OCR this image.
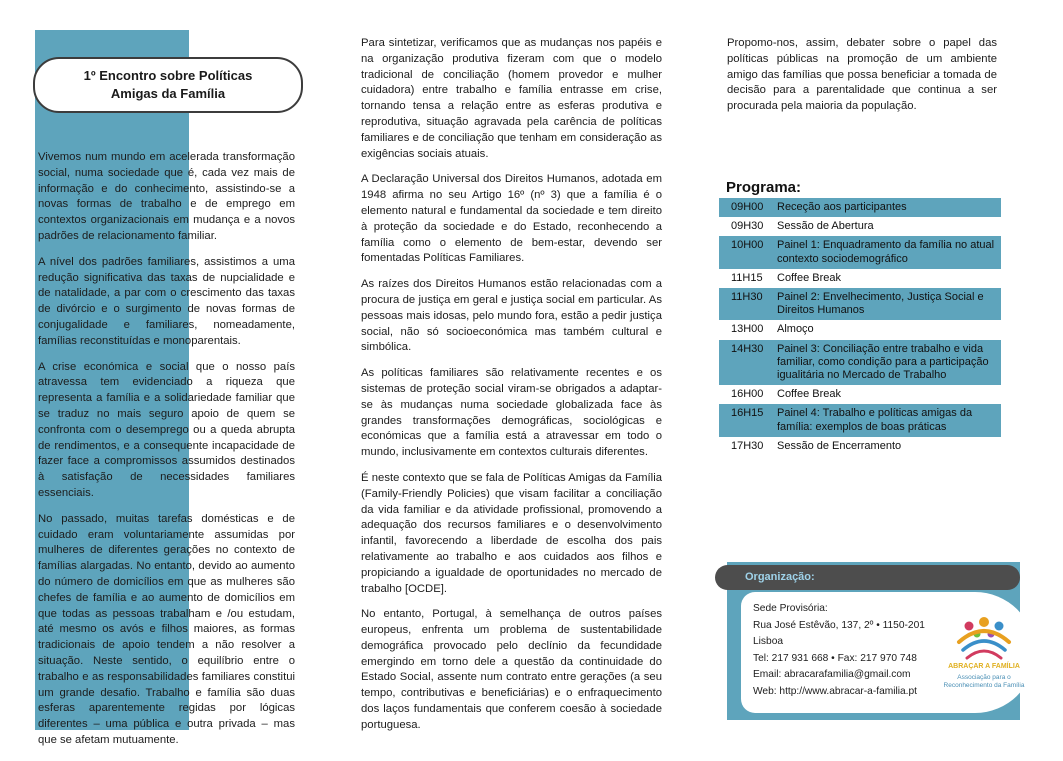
1º Encontro sobre Políticas
Amigas da Família

Vivemos num mundo em acelerada transformação social, numa sociedade que é, cada vez mais de informação e do conhecimento, assistindo-se a novas formas de trabalho e de emprego em contextos organizacionais em mudança e a novos padrões de relacionamento familiar.

A nível dos padrões familiares, assistimos a uma redução significativa das taxas de nupcialidade e de natalidade, a par com o crescimento das taxas de divórcio e o surgimento de novas formas de conjugalidade e familiares, nomeadamente, famílias reconstituídas e monoparentais.

A crise económica e social que o nosso país atravessa tem evidenciado a riqueza que representa a família e a solidariedade familiar que se traduz no mais seguro apoio de quem se confronta com o desemprego ou a queda abrupta de rendimentos, e a consequente incapacidade de fazer face a compromissos assumidos destinados à satisfação de necessidades familiares essenciais.

No passado, muitas tarefas domésticas e de cuidado eram voluntariamente assumidas por mulheres de diferentes gerações no contexto de famílias alargadas. No entanto, devido ao aumento do número de domicílios em que as mulheres são chefes de família e ao aumento de domicílios em que todas as pessoas trabalham e /ou estudam, até mesmo os avós e filhos maiores, as formas tradicionais de apoio tendem a não resolver a situação. Neste sentido, o equilíbrio entre o trabalho e as responsabilidades familiares constitui um grande desafio. Trabalho e família são duas esferas aparentemente regidas por lógicas diferentes – uma pública e outra privada – mas que se afetam mutuamente.

Para sintetizar, verificamos que as mudanças nos papéis e na organização produtiva fizeram com que o modelo tradicional de conciliação (homem provedor e mulher cuidadora) entre trabalho e família entrasse em crise, tornando tensa a relação entre as esferas produtiva e reprodutiva, situação agravada pela carência de políticas familiares e de conciliação que tenham em consideração as exigências sociais atuais.

A Declaração Universal dos Direitos Humanos, adotada em 1948 afirma no seu Artigo 16º (nº 3) que a família é o elemento natural e fundamental da sociedade e tem direito à proteção da sociedade e do Estado, reconhecendo a família como o elemento de bem-estar, devendo ser fomentadas Políticas Familiares.

As raízes dos Direitos Humanos estão relacionadas com a procura de justiça em geral e justiça social em particular. As pessoas mais idosas, pelo mundo fora, estão a pedir justiça social, não só socioeconómica mas também cultural e simbólica.

As políticas familiares são relativamente recentes e os sistemas de proteção social viram-se obrigados a adaptar-se às mudanças numa sociedade globalizada face às grandes transformações demográficas, sociológicas e económicas que a família está a atravessar em todo o mundo, inclusivamente em contextos culturais diferentes.

É neste contexto que se fala de Políticas Amigas da Família (Family-Friendly Policies) que visam facilitar a conciliação da vida familiar e da atividade profissional, promovendo a adequação dos recursos familiares e o desenvolvimento infantil, favorecendo a liberdade de escolha dos pais relativamente ao trabalho e aos cuidados aos filhos e propiciando a igualdade de oportunidades no mercado de trabalho [OCDE].

No entanto, Portugal, à semelhança de outros países europeus, enfrenta um problema de sustentabilidade demográfica provocado pelo declínio da fecundidade emergindo em torno dele a questão da continuidade do Estado Social, assente num contrato entre gerações (a seu tempo, contributivas e beneficiárias) e o enfraquecimento dos laços fundamentais que conferem coesão à sociedade portuguesa.

Propomo-nos, assim, debater sobre o papel das políticas públicas na promoção de um ambiente amigo das famílias que possa beneficiar a tomada de decisão para a parentalidade que continua a ser procurada pela maioria da população.
Programa:
09H00	Receção aos participantes
09H30	Sessão de Abertura
10H00	Painel 1: Enquadramento da família no atual contexto sociodemográfico
11H15	Coffee Break
11H30	Painel 2: Envelhecimento, Justiça Social e Direitos Humanos
13H00	Almoço
14H30	Painel 3: Conciliação entre trabalho e vida familiar, como condição para a participação igualitária no Mercado de Trabalho
16H00	Coffee Break
16H15	Painel 4: Trabalho e políticas amigas da família: exemplos de boas práticas
17H30	Sessão de Encerramento
Organização:
Sede Provisória:
Rua José Estêvão, 137, 2º • 1150-201 Lisboa
Tel: 217 931 668 • Fax: 217 970 748
Email: abracarafamilia@gmail.com
Web: http://www.abracar-a-familia.pt
ABRAÇAR A FAMÍLIA
Associação para o Reconhecimento da Família
